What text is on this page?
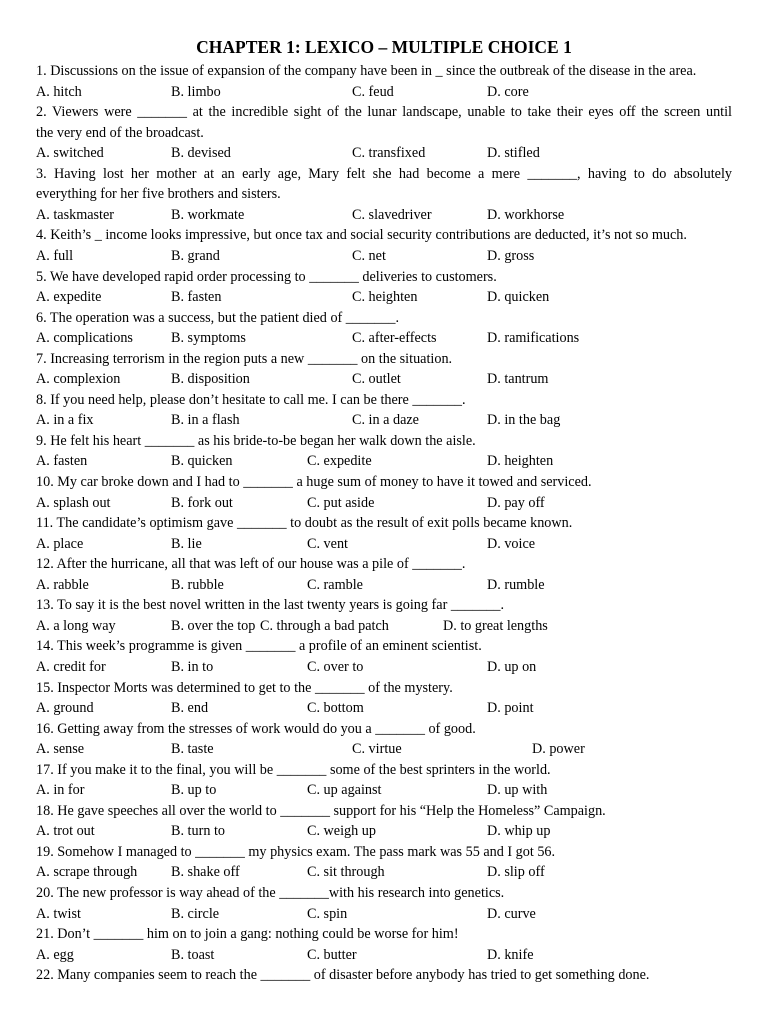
CHAPTER 1: LEXICO – MULTIPLE CHOICE 1
1. Discussions on the issue of expansion of the company have been in _ since the outbreak of the disease in the area.
A. hitch	B. limbo	C. feud	D. core
2. Viewers were _______ at the incredible sight of the lunar landscape, unable to take their eyes off the screen until
the very end of the broadcast.
A. switched	B. devised	C. transfixed	D. stifled
3. Having lost her mother at an early age, Mary felt she had become a mere _______, having to do absolutely
everything for her five brothers and sisters.
A. taskmaster	B. workmate	C. slavedriver	D. workhorse
4. Keith’s _ income looks impressive, but once tax and social security contributions are deducted, it’s not so much.
A. full	B. grand	C. net	D. gross
5. We have developed rapid order processing to _______ deliveries to customers.
A. expedite	B. fasten	C. heighten	D. quicken
6. The operation was a success, but the patient died of _______.
A. complications	B. symptoms	C. after-effects	D. ramifications
7. Increasing terrorism in the region puts a new _______ on the situation.
A. complexion	B. disposition	C. outlet	D. tantrum
8. If you need help, please don’t hesitate to call me. I can be there _______.
A. in a fix	B. in a flash	C. in a daze	D. in the bag
9. He felt his heart _______ as his bride-to-be began her walk down the aisle.
A. fasten	B. quicken	C. expedite	D. heighten
10. My car broke down and I had to _______ a huge sum of money to have it towed and serviced.
A. splash out	B. fork out	C. put aside	D. pay off
11. The candidate’s optimism gave _______ to doubt as the result of exit polls became known.
A. place	B. lie	C. vent	D. voice
12. After the hurricane, all that was left of our house was a pile of _______.
A. rabble	B. rubble	C. ramble	D. rumble
13. To say it is the best novel written in the last twenty years is going far _______.
A. a long way	B. over the top C. through a bad patch	D. to great lengths
14. This week’s programme is given _______ a profile of an eminent scientist.
A. credit for	B. in to	C. over to	D. up on
15. Inspector Morts was determined to get to the _______ of the mystery.
A. ground	B. end	C. bottom	D. point
16. Getting away from the stresses of work would do you a _______ of good.
A. sense	B. taste	C. virtue	D. power
17. If you make it to the final, you will be _______ some of the best sprinters in the world.
A. in for	B. up to	C. up against	D. up with
18. He gave speeches all over the world to _______ support for his “Help the Homeless” Campaign.
A. trot out	B. turn to	C. weigh up	D. whip up
19. Somehow I managed to _______ my physics exam. The pass mark was 55 and I got 56.
A. scrape through B. shake off	C. sit through	D. slip off
20. The new professor is way ahead of the _______with his research into genetics.
A. twist	B. circle	C. spin	D. curve
21. Don’t _______ him on to join a gang: nothing could be worse for him!
A. egg	B. toast	C. butter	D. knife
22. Many companies seem to reach the _______ of disaster before anybody has tried to get something done.
